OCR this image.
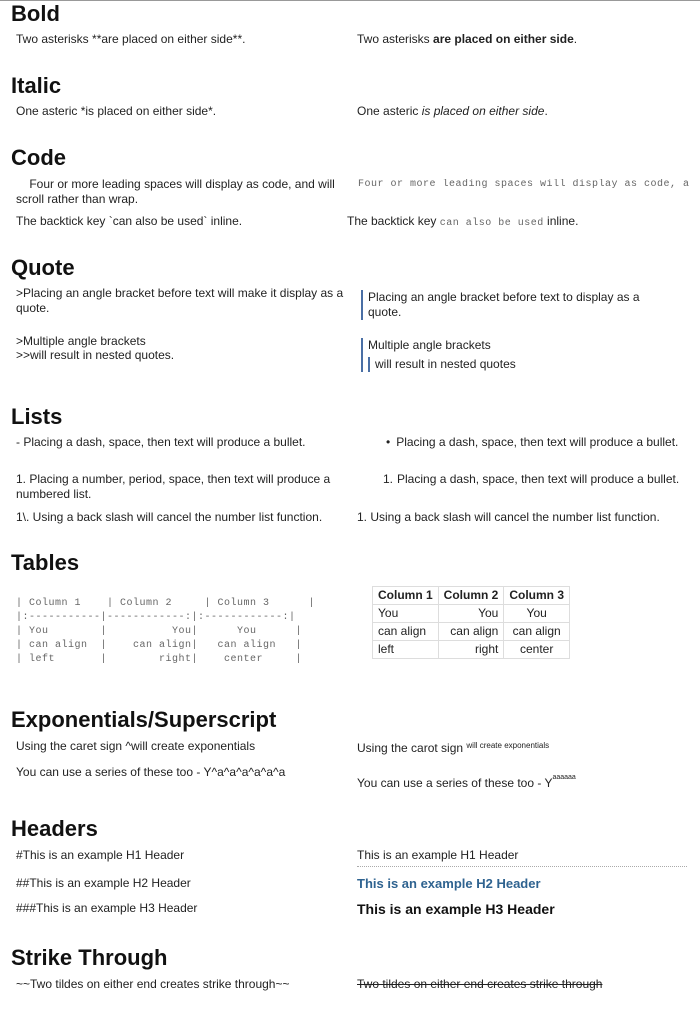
Bold
Two asterisks **are placed on either side**.	Two asterisks are placed on either side.
Italic
One asteric *is placed on either side*.	One asteric is placed on either side.
Code
Four or more leading spaces will display as code, and will scroll rather than wrap.
Four or more leading spaces will display as code, a
The backtick key `can also be used` inline.	The backtick key can also be used inline.
Quote
>Placing an angle bracket before text will make it display as a quote.
Placing an angle bracket before text to display as a quote.
>Multiple angle brackets
>>will result in nested quotes.
Multiple angle brackets
will result in nested quotes
Lists
- Placing a dash, space, then text will produce a bullet.	• Placing a dash, space, then text will produce a bullet.
1. Placing a number, period, space, then text will produce a numbered list.
1. Placing a dash, space, then text will produce a bullet.
1\. Using a back slash will cancel the number list function.	1. Using a back slash will cancel the number list function.
Tables
| Column 1    | Column 2     | Column 3      |
|:-----------|------------:|:------------:|
| You        |          You|      You      |
| can align  |    can align|   can align   |
| left       |        right|    center     |
Column 1	Column 2	Column 3
You	You	You
can align	can align	can align
left	right	center
Exponentials/Superscript
Using the caret sign ^will create exponentials	Using the carot sign $^{will create exponentials}$
You can use a series of these too - Y^a^a^a^a^a^a
You can use a series of these too - $Y^{aaaaaa}$
Headers
#This is an example H1 Header	This is an example H1 Header
##This is an example H2 Header	This is an example H2 Header
###This is an example H3 Header	This is an example H3 Header
Strike Through
~~Two tildes on either end creates strike through~~	Two tildes on either end creates strike through
